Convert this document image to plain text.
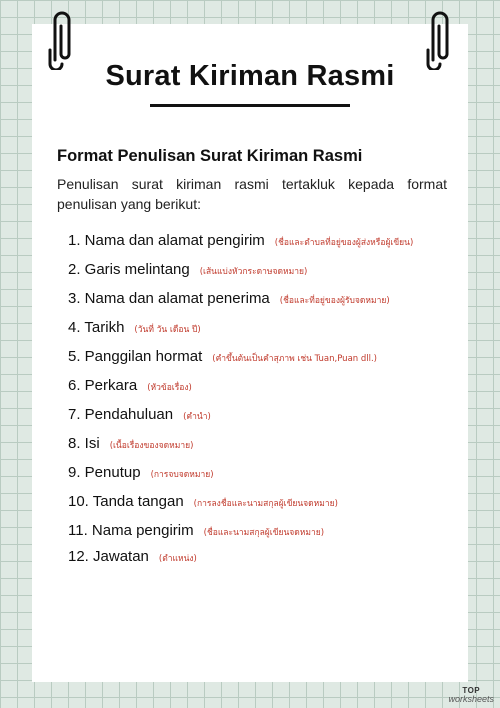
Surat Kiriman Rasmi
Format Penulisan Surat Kiriman Rasmi
Penulisan surat kiriman rasmi tertakluk kepada format penulisan yang berikut:
1. Nama dan alamat pengirim (ชื่อและตำบลที่อยู่ของผู้ส่งหรือผู้เขียน)
2. Garis melintang (เส้นแบ่งหัวกระดาษจดหมาย)
3. Nama dan alamat penerima (ชื่อและที่อยู่ของผู้รับจดหมาย)
4. Tarikh (วันที่ วัน เดือน ปี)
5. Panggilan hormat (คำขึ้นต้นเป็นคำสุภาพ เช่น Tuan,Puan dll.)
6. Perkara (หัวข้อเรื่อง)
7. Pendahuluan (คำนำ)
8. Isi (เนื้อเรื่องของจดหมาย)
9. Penutup (การจบจดหมาย)
10. Tanda tangan (การลงชื่อและนามสกุลผู้เขียนจดหมาย)
11. Nama pengirim (ชื่อและนามสกุลผู้เขียนจดหมาย)
12. Jawatan (ตำแหน่ง)
TOP
worksheets
